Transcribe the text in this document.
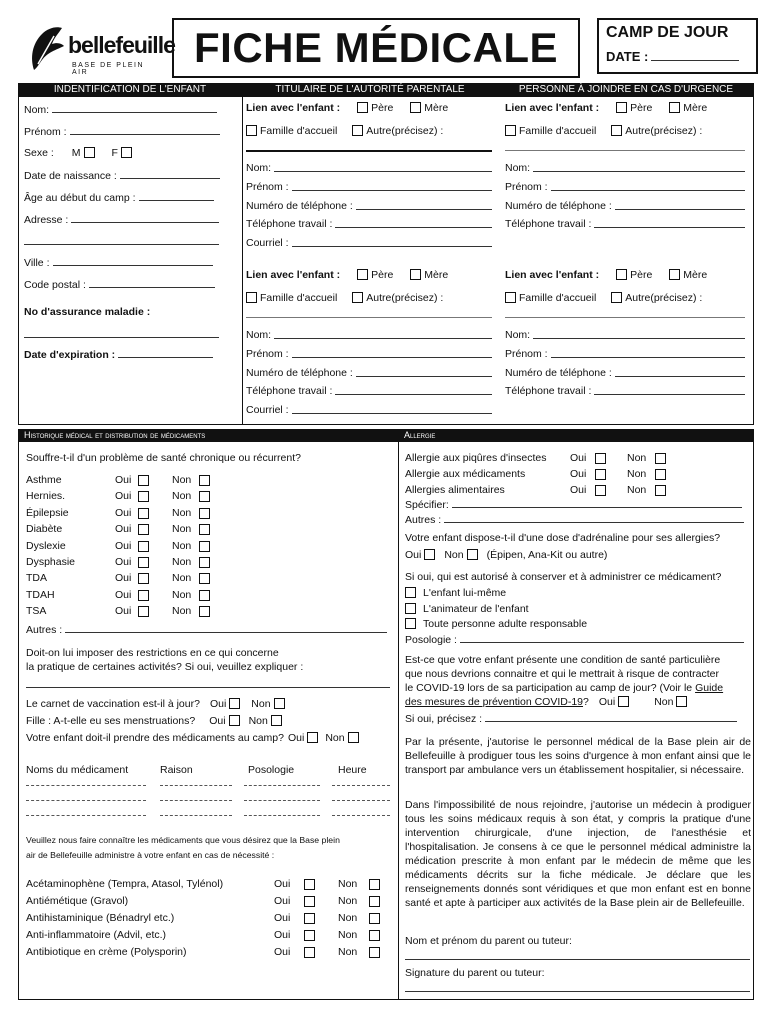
bellefeuille
BASE DE PLEIN AIR
FICHE MÉDICALE	CAMP DE JOUR
DATE :
INDENTIFICATION DE L'ENFANT	TITULAIRE DE L'AUTORITÉ PARENTALE	PERSONNE À JOINDRE EN CAS D'URGENCE
Nom:
Prénom :
Sexe : M	F
Date de naissance :
Âge au début du camp :
Adresse :
Ville :
Code postal :
No d'assurance maladie :
Date d'expiration :
Lien avec l'enfant :	Père	Mère
Famille d'accueil	Autre(précisez) :
Nom:
Prénom :
Numéro de téléphone :
Téléphone travail :
Courriel :
Lien avec l'enfant :	Père	Mère
Famille d'accueil	Autre(précisez) :
Nom:
Prénom :
Numéro de téléphone :
Téléphone travail :
Lien avec l'enfant :	Père	Mère
Famille d'accueil	Autre(précisez) :
Nom:
Prénom :
Numéro de téléphone :
Téléphone travail :
Courriel :
Lien avec l'enfant :	Père	Mère
Famille d'accueil	Autre(précisez) :
Nom:
Prénom :
Numéro de téléphone :
Téléphone travail :
Historique médical et distribution de médicaments	Allergie
Souffre-t-il d'un problème de santé chronique ou récurrent?
Asthme	Oui	Non
Hernies.	Oui	Non
Épilepsie	Oui	Non
Diabète	Oui	Non
Dyslexie	Oui	Non
Dysphasie	Oui	Non
TDA	Oui	Non
TDAH	Oui	Non
TSA	Oui	Non
Autres :
Doit-on lui imposer des restrictions en ce qui concerne
la pratique de certaines activités? Si oui, veuillez expliquer :
Le carnet de vaccination est-il à jour? Oui Non
Fille : A-t-elle eu ses menstruations? Oui Non
Votre enfant doit-il prendre des médicaments au camp? Oui Non
Noms du médicament	Raison	Posologie	Heure
Veuillez nous faire connaître les médicaments que vous désirez que la Base plein
air de Bellefeuille administre à votre enfant en cas de nécessité :
Acétaminophène (Tempra, Atasol, Tylénol)	Oui	Non
Antiémétique (Gravol)	Oui	Non
Antihistaminique (Bénadryl etc.)	Oui	Non
Anti-inflammatoire (Advil, etc.)	Oui	Non
Antibiotique en crème (Polysporin)	Oui	Non
Allergie aux piqûres d'insectes Oui	Non
Allergie aux médicaments	Oui	Non
Allergies alimentaires	Oui	Non
Spécifier:
Autres :
Votre enfant dispose-t-il d'une dose d'adrénaline pour ses allergies?
Oui Non (Épipen, Ana-Kit ou autre)
Si oui, qui est autorisé à conserver et à administrer ce médicament?
L'enfant lui-même
L'animateur de l'enfant
Toute personne adulte responsable
Posologie :
Est-ce que votre enfant présente une condition de santé particulière
que nous devrions connaitre et qui le mettrait à risque de contracter
le COVID-19 lors de sa participation au camp de jour? (Voir le Guide
des mesures de prévention COVID-19? Oui	Non
Si oui, précisez :
Par la présente, j'autorise le personnel médical de la Base plein air de Bellefeuille à prodiguer tous les soins d'urgence à mon enfant ainsi que le transport par ambulance vers un établissement hospitalier, si nécessaire.
Dans l'impossibilité de nous rejoindre, j'autorise un médecin à prodiguer tous les soins médicaux requis à son état, y compris la pratique d'une intervention chirurgicale, d'une injection, de l'anesthésie et l'hospitalisation. Je consens à ce que le personnel médical administre la médication prescrite à mon enfant par le médecin de même que les médicaments décrits sur la fiche médicale. Je déclare que les renseignements donnés sont véridiques et que mon enfant est en bonne santé et apte à participer aux activités de la Base plein air de Bellefeuille.
Nom et prénom du parent ou tuteur:
Signature du parent ou tuteur:
